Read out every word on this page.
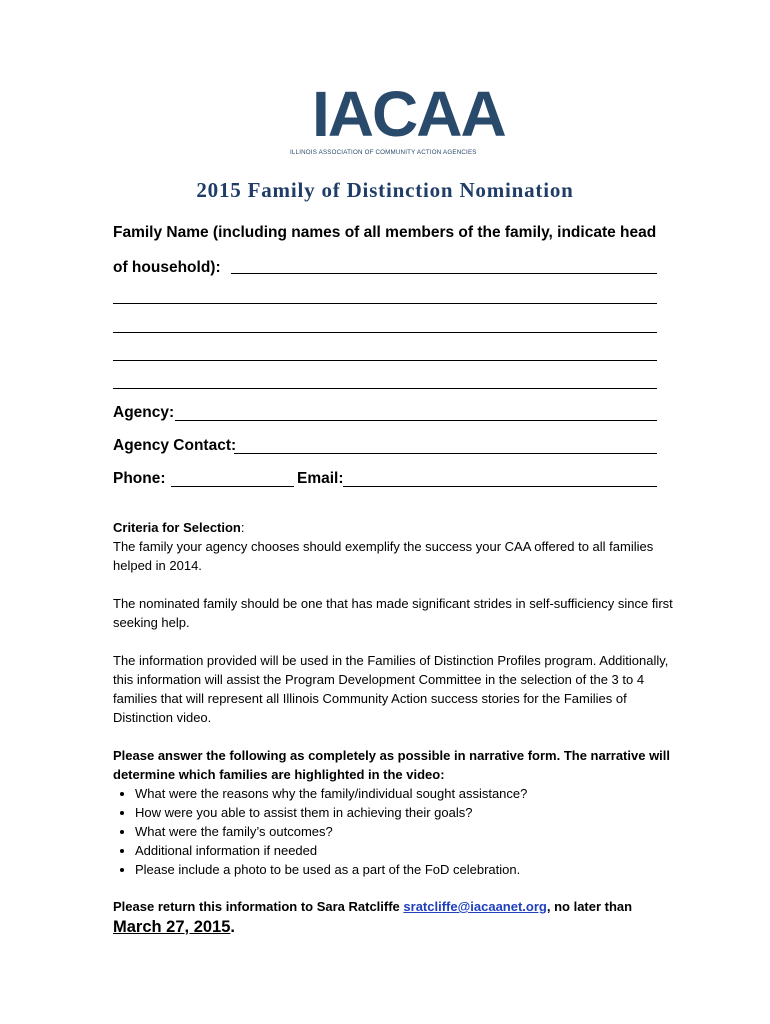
IACAA
ILLINOIS ASSOCIATION OF COMMUNITY ACTION AGENCIES
2015 Family of Distinction Nomination
Family Name (including names of all members of the family, indicate head
of household):
Agency:
Agency Contact:
Phone:	Email:

Criteria for Selection:

The family your agency chooses should exemplify the success your CAA offered to all families helped in 2014.

The nominated family should be one that has made significant strides in self-sufficiency since first seeking help.

The information provided will be used in the Families of Distinction Profiles program. Additionally, this information will assist the Program Development Committee in the selection of the 3 to 4 families that will represent all Illinois Community Action success stories for the Families of Distinction video.

Please answer the following as completely as possible in narrative form. The narrative will determine which families are highlighted in the video:

• What were the reasons why the family/individual sought assistance?
• How were you able to assist them in achieving their goals?
• What were the family’s outcomes?
• Additional information if needed
• Please include a photo to be used as a part of the FoD celebration.

Please return this information to Sara Ratcliffe sratcliffe@iacaanet.org, no later than

March 27, 2015.
